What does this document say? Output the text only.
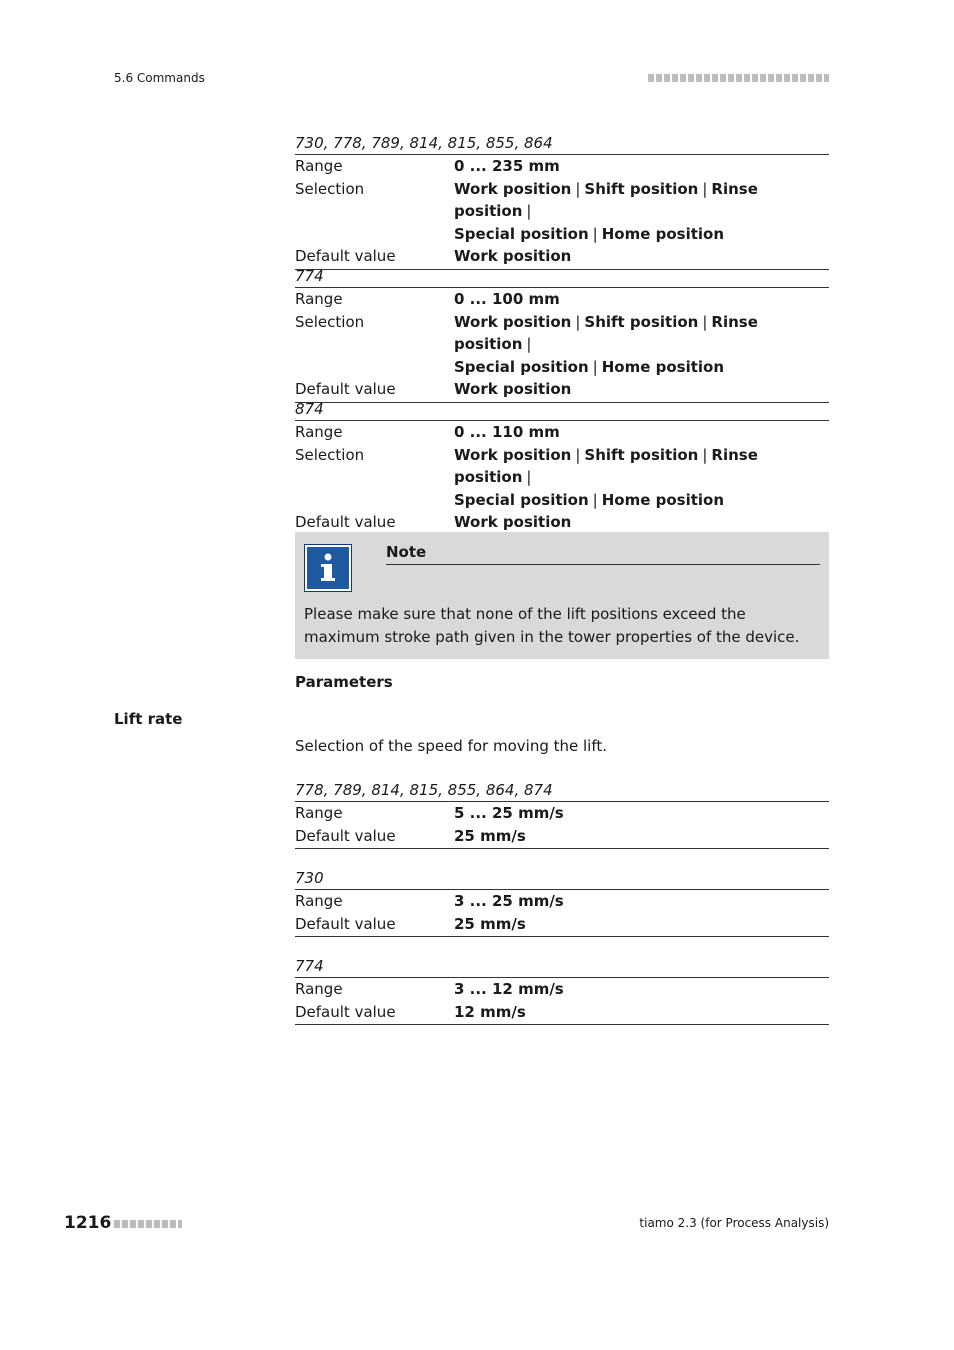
5.6 Commands
730, 778, 789, 814, 815, 855, 864
Range	0 ... 235 mm
Selection	Work position | Shift position | Rinse position |
Special position | Home position
Default value	Work position
774
Range	0 ... 100 mm
Selection	Work position | Shift position | Rinse position |
Special position | Home position
Default value	Work position
874
Range	0 ... 110 mm
Selection	Work position | Shift position | Rinse position |
Special position | Home position
Default value	Work position
Note
Please make sure that none of the lift positions exceed the maximum stroke path given in the tower properties of the device.
Parameters
Lift rate
Selection of the speed for moving the lift.
778, 789, 814, 815, 855, 864, 874
Range	5 ... 25 mm/s
Default value	25 mm/s
730
Range	3 ... 25 mm/s
Default value	25 mm/s
774
Range	3 ... 12 mm/s
Default value	12 mm/s
1216	tiamo 2.3 (for Process Analysis)
